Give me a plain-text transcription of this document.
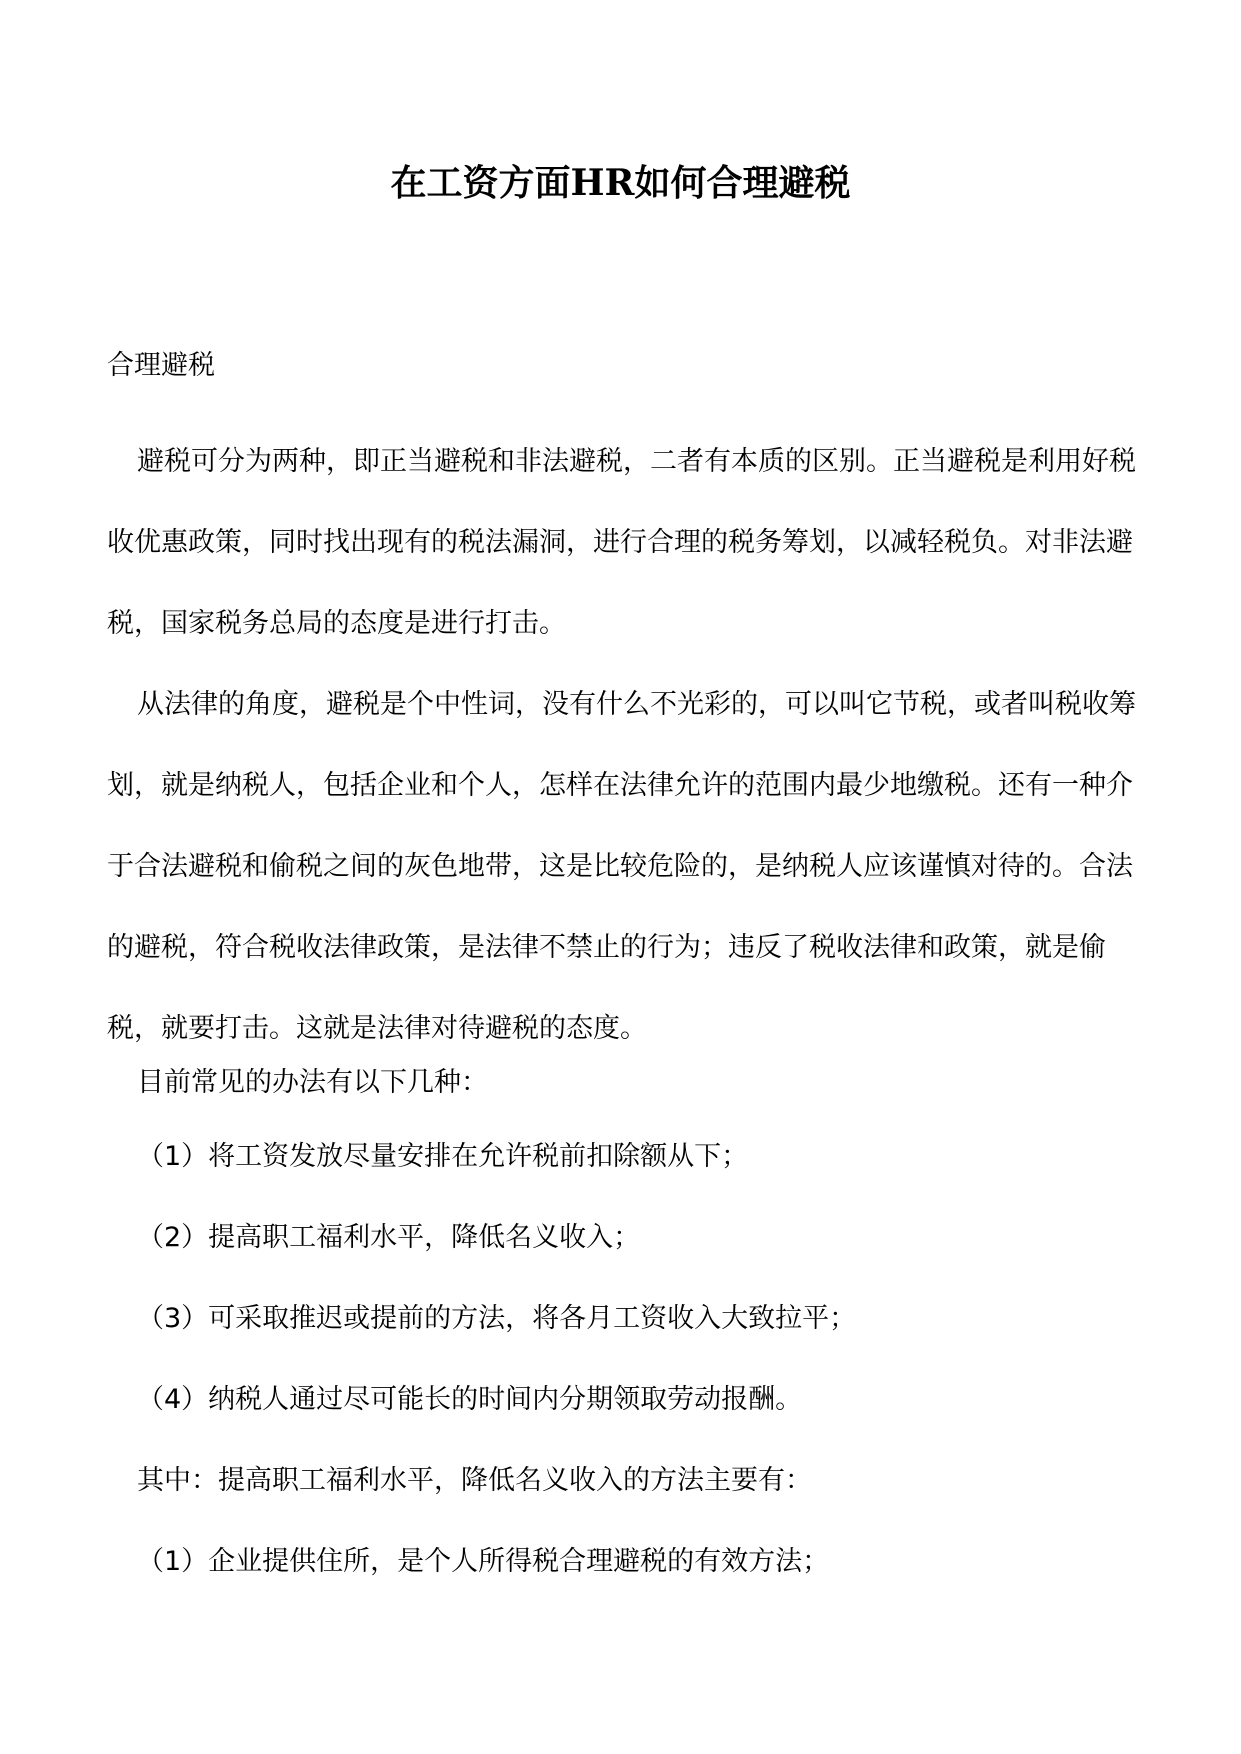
在工资方面HR如何合理避税

合理避税

避税可分为两种，即正当避税和非法避税，二者有本质的区别。正当避税是利用好税收优惠政策，同时找出现有的税法漏洞，进行合理的税务筹划，以减轻税负。对非法避税，国家税务总局的态度是进行打击。

从法律的角度，避税是个中性词，没有什么不光彩的，可以叫它节税，或者叫税收筹划，就是纳税人，包括企业和个人，怎样在法律允许的范围内最少地缴税。还有一种介于合法避税和偷税之间的灰色地带，这是比较危险的，是纳税人应该谨慎对待的。合法的避税，符合税收法律政策，是法律不禁止的行为；违反了税收法律和政策，就是偷税，就要打击。这就是法律对待避税的态度。

目前常见的办法有以下几种：

（1）将工资发放尽量安排在允许税前扣除额从下；

（2）提高职工福利水平，降低名义收入；

（3）可采取推迟或提前的方法，将各月工资收入大致拉平；

（4）纳税人通过尽可能长的时间内分期领取劳动报酬。

其中：提高职工福利水平，降低名义收入的方法主要有：

（1）企业提供住所，是个人所得税合理避税的有效方法；
